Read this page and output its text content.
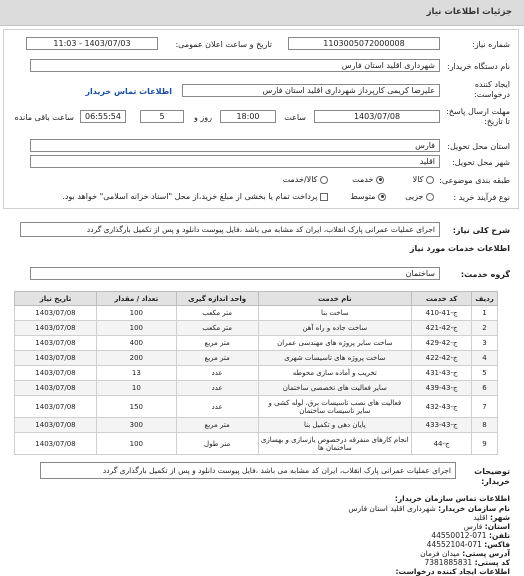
جزئیات اطلاعات نیاز
شماره نیاز:
1103005072000008
تاریخ و ساعت اعلان عمومی:
1403/07/03 - 11:03
نام دستگاه خریدار:
شهرداری اقلید استان فارس
ایجاد کننده درخواست:
علیرضا کریمی کارپرداز شهرداری اقلید استان فارس
اطلاعات تماس خریدار
مهلت ارسال پاسخ: تا تاریخ:
1403/07/08
ساعت
18:00
روز و
5
06:55:54
ساعت باقی مانده
استان محل تحویل:
فارس
شهر محل تحویل:
اقلید
طبقه بندی موضوعی:
کالا
خدمت
کالا/خدمت
نوع فرآیند خرید :
جزیی
متوسط
پرداخت تمام یا بخشی از مبلغ خرید،از محل "اسناد خزانه اسلامی" خواهد بود.
شرح کلی نیاز:
اجرای عملیات عمرانی پارک انقلاب، ایران کد مشابه می باشد ،فایل پیوست دانلود و پس از تکمیل بارگذاری گردد
اطلاعات خدمات مورد نیاز
گروه خدمت:
ساختمان
ردیف	کد خدمت	نام خدمت	واحد اندازه گیری	تعداد / مقدار	تاریخ نیاز
1	ج-41-410	ساخت بنا	متر مکعب	100	1403/07/08
2	ج-42-421	ساخت جاده و راه آهن	متر مکعب	100	1403/07/08
3	ج-42-429	ساخت سایر پروژه های مهندسی عمران	متر مربع	400	1403/07/08
4	ج-42-422	ساخت پروژه های تاسیسات شهری	متر مربع	200	1403/07/08
5	ج-43-431	تخریب و آماده سازی محوطه	عدد	13	1403/07/08
6	ج-43-439	سایر فعالیت های تخصصی ساختمان	عدد	10	1403/07/08
7	ج-43-432	فعالیت های نصب تاسیسات برق، لوله کشی و سایر تاسیسات ساختمان	عدد	150	1403/07/08
8	ج-43-433	پایان دهی و تکمیل بنا	متر مربع	300	1403/07/08
9	ج-44	انجام کارهای منفرقه درخصوص بازسازی و بهسازی ساختمان ها	متر طول	100	1403/07/08
توضیحات خریدار:
اجرای عملیات عمرانی پارک انقلاب، ایران کد مشابه می باشد ،فایل پیوست دانلود و پس از تکمیل بارگذاری گردد
اطلاعات تماس سازمان خریدار:
نام سازمان خریدار: شهرداری اقلید استان فارس
شهر: اقلید
استان: فارس
تلفن: 071-44550012
فاکس: 071-44552104
آدرس پستی: میدان فرمان
کد پستی: 7381885831
اطلاعات ایجاد کننده درخواست:
